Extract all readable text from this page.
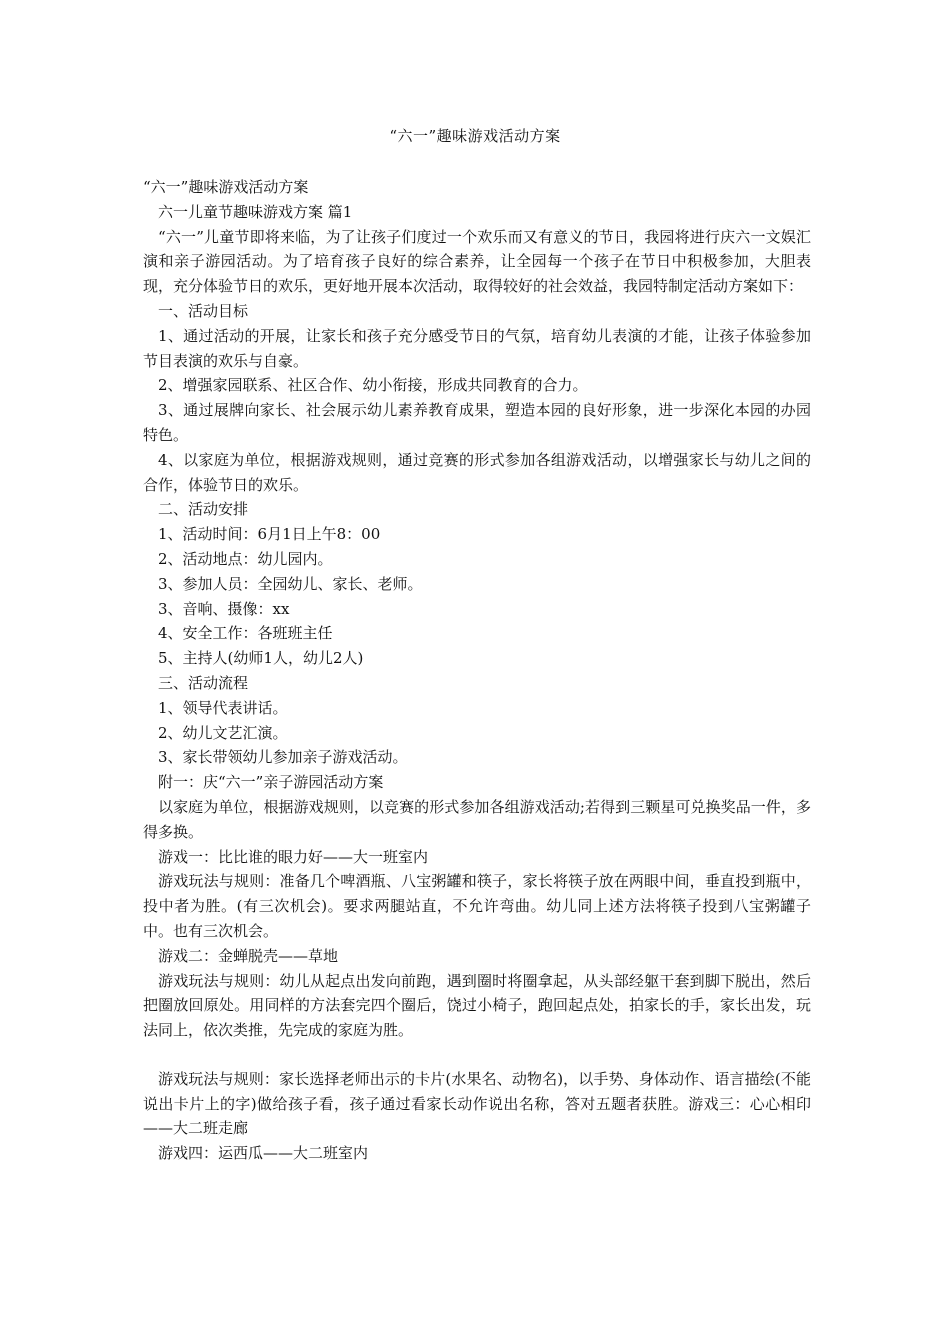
“六一”趣味游戏活动方案

“六一”趣味游戏活动方案

六一儿童节趣味游戏方案 篇1

“六一”儿童节即将来临，为了让孩子们度过一个欢乐而又有意义的节日，我园将进行庆六一文娱汇演和亲子游园活动。为了培育孩子良好的综合素养，让全园每一个孩子在节日中积极参加，大胆表现，充分体验节日的欢乐，更好地开展本次活动，取得较好的社会效益，我园特制定活动方案如下：

一、活动目标

1、通过活动的开展，让家长和孩子充分感受节日的气氛，培育幼儿表演的才能，让孩子体验参加节目表演的欢乐与自豪。

2、增强家园联系、社区合作、幼小衔接，形成共同教育的合力。

3、通过展牌向家长、社会展示幼儿素养教育成果，塑造本园的良好形象，进一步深化本园的办园特色。

4、以家庭为单位，根据游戏规则，通过竞赛的形式参加各组游戏活动，以增强家长与幼儿之间的合作，体验节日的欢乐。

二、活动安排

1、活动时间：6月1日上午8：00

2、活动地点：幼儿园内。

3、参加人员：全园幼儿、家长、老师。

3、音响、摄像：xx

4、安全工作：各班班主任

5、主持人(幼师1人，幼儿2人)

三、活动流程

1、领导代表讲话。

2、幼儿文艺汇演。

3、家长带领幼儿参加亲子游戏活动。

附一：庆“六一”亲子游园活动方案

以家庭为单位，根据游戏规则，以竞赛的形式参加各组游戏活动;若得到三颗星可兑换奖品一件，多得多换。

游戏一：比比谁的眼力好——大一班室内

游戏玩法与规则：准备几个啤酒瓶、八宝粥罐和筷子，家长将筷子放在两眼中间，垂直投到瓶中，投中者为胜。(有三次机会)。要求两腿站直，不允许弯曲。幼儿同上述方法将筷子投到八宝粥罐子中。也有三次机会。

游戏二：金蝉脱壳——草地

游戏玩法与规则：幼儿从起点出发向前跑，遇到圈时将圈拿起，从头部经躯干套到脚下脱出，然后把圈放回原处。用同样的方法套完四个圈后，饶过小椅子，跑回起点处，拍家长的手，家长出发，玩法同上，依次类推，先完成的家庭为胜。

游戏玩法与规则：家长选择老师出示的卡片(水果名、动物名)，以手势、身体动作、语言描绘(不能说出卡片上的字)做给孩子看，孩子通过看家长动作说出名称，答对五题者获胜。游戏三：心心相印——大二班走廊

游戏四：运西瓜——大二班室内
